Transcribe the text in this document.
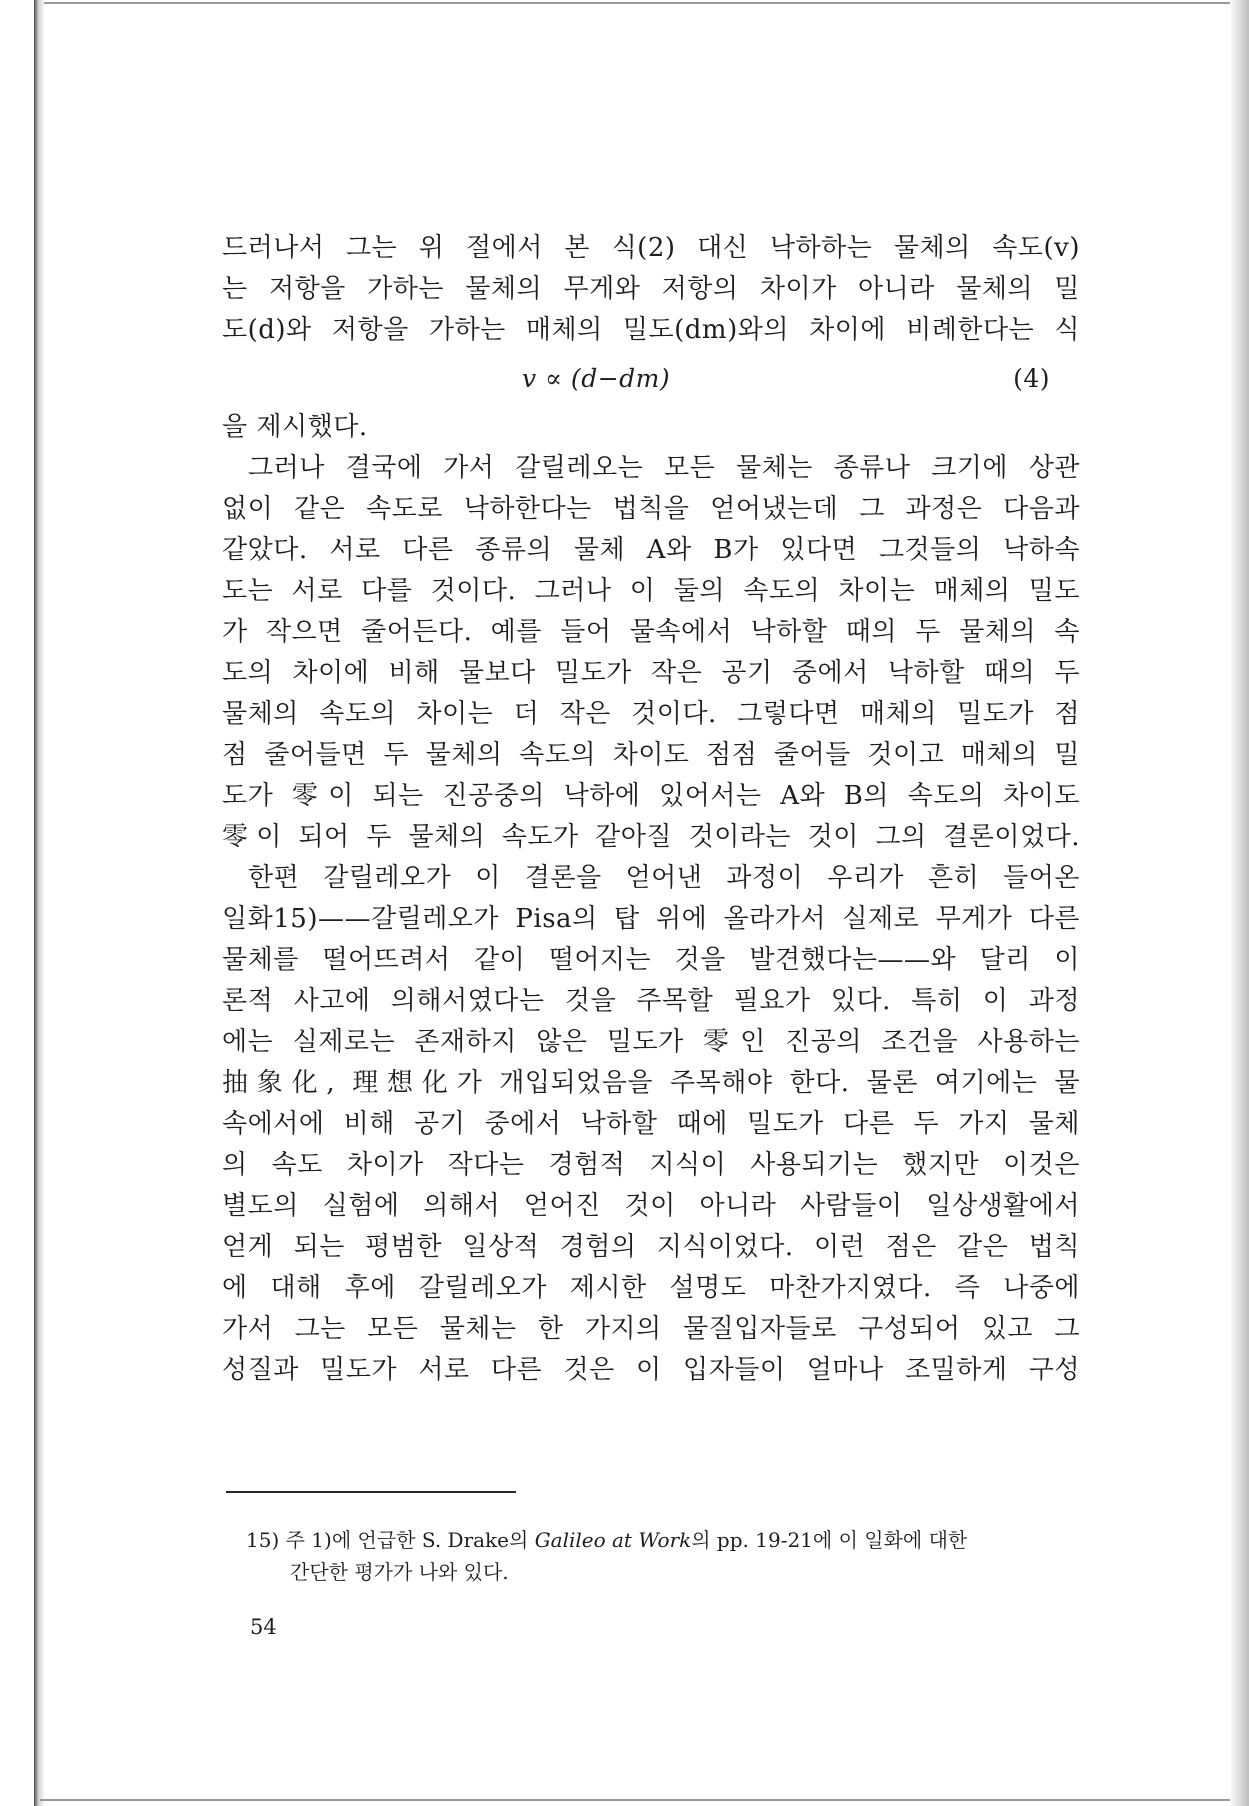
드러나서 그는 위 절에서 본 식(2) 대신 낙하하는 물체의 속도(v)
는 저항을 가하는 물체의 무게와 저항의 차이가 아니라 물체의 밀
도(d)와 저항을 가하는 매체의 밀도(dm)와의 차이에 비례한다는 식
v ∝ (d−dm)	(4)
을 제시했다.
그러나 결국에 가서 갈릴레오는 모든 물체는 종류나 크기에 상관
없이 같은 속도로 낙하한다는 법칙을 얻어냈는데 그 과정은 다음과
같았다. 서로 다른 종류의 물체 A와 B가 있다면 그것들의 낙하속
도는 서로 다를 것이다. 그러나 이 둘의 속도의 차이는 매체의 밀도
가 작으면 줄어든다. 예를 들어 물속에서 낙하할 때의 두 물체의 속
도의 차이에 비해 물보다 밀도가 작은 공기 중에서 낙하할 때의 두
물체의 속도의 차이는 더 작은 것이다. 그렇다면 매체의 밀도가 점
점 줄어들면 두 물체의 속도의 차이도 점점 줄어들 것이고 매체의 밀
도가 零이 되는 진공중의 낙하에 있어서는 A와 B의 속도의 차이도
零이 되어 두 물체의 속도가 같아질 것이라는 것이 그의 결론이었다.
한편 갈릴레오가 이 결론을 얻어낸 과정이 우리가 흔히 들어온
일화15)——갈릴레오가 Pisa의 탑 위에 올라가서 실제로 무게가 다른
물체를 떨어뜨려서 같이 떨어지는 것을 발견했다는——와 달리 이
론적 사고에 의해서였다는 것을 주목할 필요가 있다. 특히 이 과정
에는 실제로는 존재하지 않은 밀도가 零인 진공의 조건을 사용하는
抽象化, 理想化가 개입되었음을 주목해야 한다. 물론 여기에는 물
속에서에 비해 공기 중에서 낙하할 때에 밀도가 다른 두 가지 물체
의 속도 차이가 작다는 경험적 지식이 사용되기는 했지만 이것은
별도의 실험에 의해서 얻어진 것이 아니라 사람들이 일상생활에서
얻게 되는 평범한 일상적 경험의 지식이었다. 이런 점은 같은 법칙
에 대해 후에 갈릴레오가 제시한 설명도 마찬가지였다. 즉 나중에
가서 그는 모든 물체는 한 가지의 물질입자들로 구성되어 있고 그
성질과 밀도가 서로 다른 것은 이 입자들이 얼마나 조밀하게 구성
15) 주 1)에 언급한 S. Drake의 Galileo at Work의 pp. 19-21에 이 일화에 대한
간단한 평가가 나와 있다.
54
